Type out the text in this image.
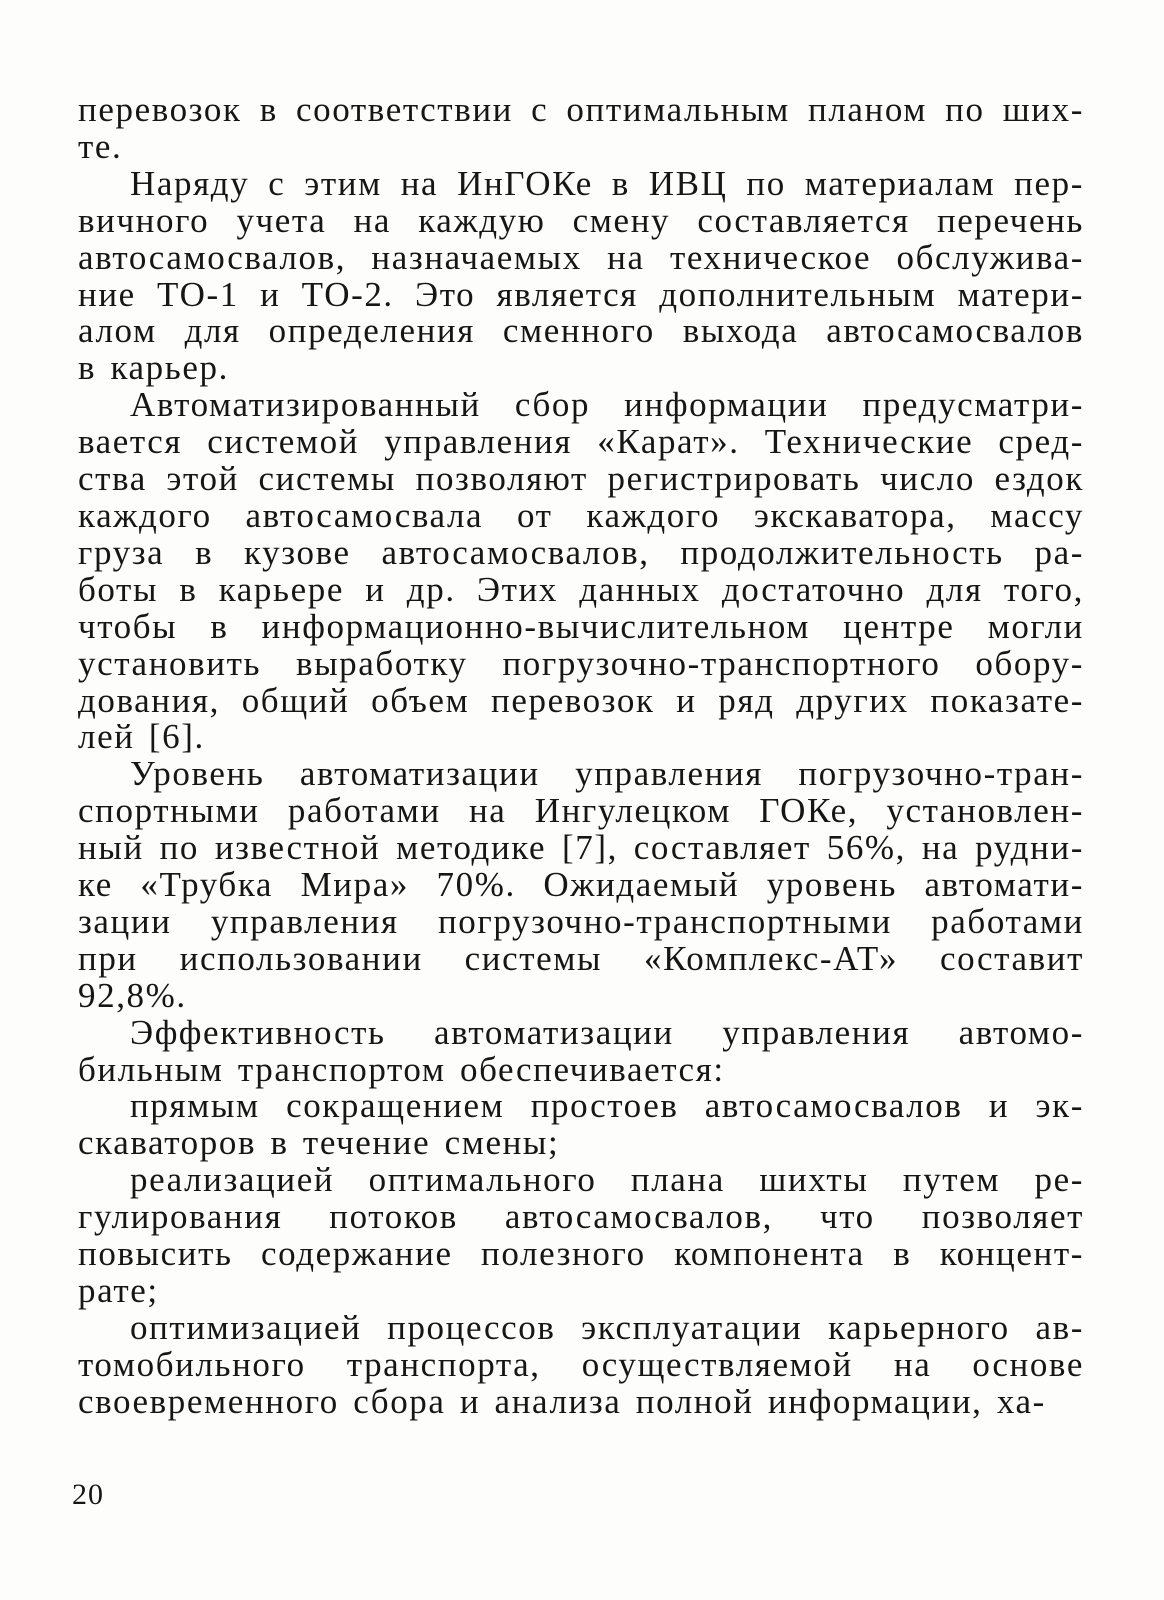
перевозок в соответствии с оптимальным планом по ших-
те.

Наряду с этим на ИнГОКе в ИВЦ по материалам пер-
вичного учета на каждую смену составляется перечень
автосамосвалов, назначаемых на техническое обслужива-
ние ТО-1 и ТО-2. Это является дополнительным матери-
алом для определения сменного выхода автосамосвалов
в карьер.

Автоматизированный сбор информации предусматри-
вается системой управления «Карат». Технические сред-
ства этой системы позволяют регистрировать число ездок
каждого автосамосвала от каждого экскаватора, массу
груза в кузове автосамосвалов, продолжительность ра-
боты в карьере и др. Этих данных достаточно для того,
чтобы в информационно-вычислительном центре могли
установить выработку погрузочно-транспортного обору-
дования, общий объем перевозок и ряд других показате-
лей [6].

Уровень автоматизации управления погрузочно-тран-
спортными работами на Ингулецком ГОКе, установлен-
ный по известной методике [7], составляет 56%, на рудни-
ке «Трубка Мира» 70%. Ожидаемый уровень автомати-
зации управления погрузочно-транспортными работами
при использовании системы «Комплекс-АТ» составит
92,8%.

Эффективность автоматизации управления автомо-
бильным транспортом обеспечивается:

прямым сокращением простоев автосамосвалов и эк-
скаваторов в течение смены;

реализацией оптимального плана шихты путем ре-
гулирования потоков автосамосвалов, что позволяет
повысить содержание полезного компонента в концент-
рате;

оптимизацией процессов эксплуатации карьерного ав-
томобильного транспорта, осуществляемой на основе
своевременного сбора и анализа полной информации, ха-

20
